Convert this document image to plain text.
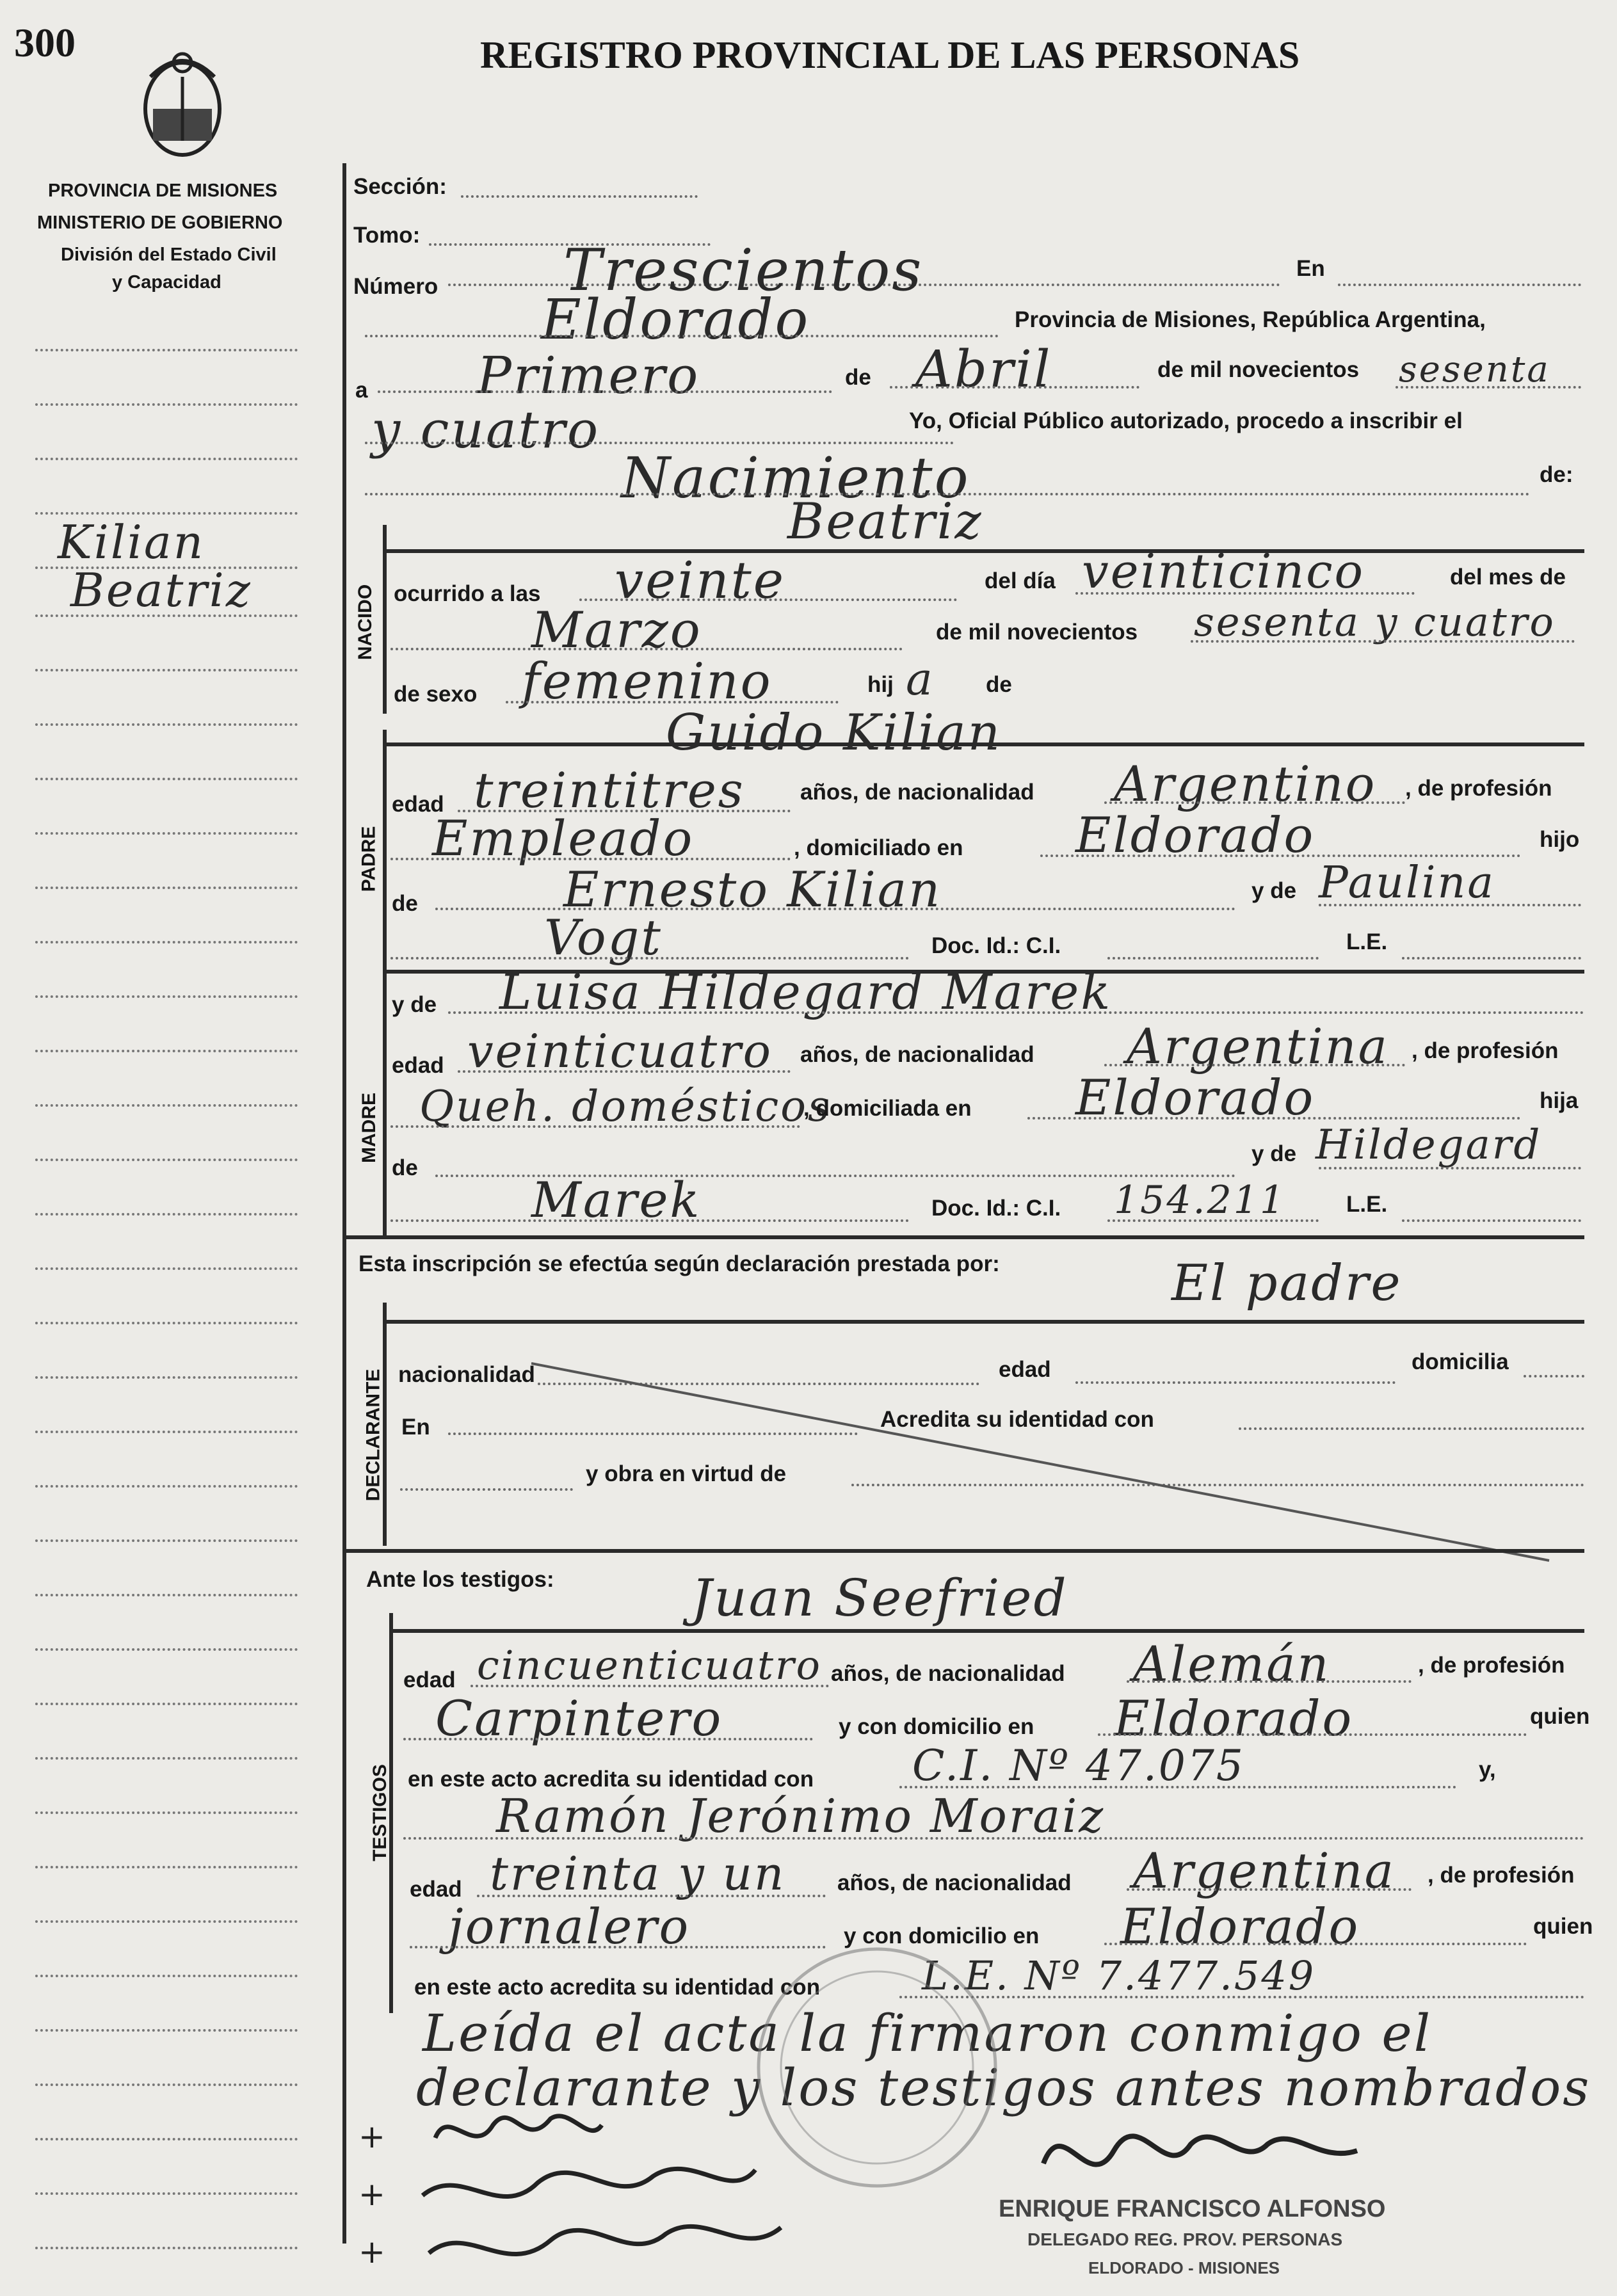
300	REGISTRO PROVINCIAL DE LAS PERSONAS
PROVINCIA DE MISIONES
MINISTERIO DE GOBIERNO
División del Estado Civil
y Capacidad
Kilian
Beatriz
Sección:
Tomo:
Número Trescientos	En
Eldorado	Provincia de Misiones, República Argentina,
a Primero	de Abril	de mil novecientos sesenta
y cuatro	Yo, Oficial Público autorizado, procedo a inscribir el
Nacimiento	de:
Beatriz
NACIDO ocurrido a las veinte	del día veinticinco	del mes de
Marzo	de mil novecientos sesenta y cuatro
de sexo femenino	hij a de
Guido Kilian
PADRE
edad treintitres años, de nacionalidad Argentino , de profesión
Empleado	, domiciliado en Eldorado	hijo
de	Ernesto Kilian	y de Paulina
Vogt	Doc. Id.: C.I.	L.E.
MADRE
y de Luisa Hildegard Marek
edad veinticuatro años, de nacionalidad Argentina , de profesión
Queh. domésticos
, domiciliada en Eldorado	hija
de
y de Hildegard
Marek	Doc. Id.: C.I. 154.211	L.E.
Esta inscripción se efectúa según declaración prestada por:	El padre
DECLARANTE nacionalidad	edad	domicilia
En	Acredita su identidad con
y obra en virtud de
Ante los testigos:	Juan Seefried
TESTIGOS
edad cincuenticuatro años, de nacionalidad Alemán	, de profesión
Carpintero	y con domicilio en Eldorado	quien
en este acto acredita su identidad con C.I. Nº 47.075	y,
Ramón Jerónimo Moraiz
edad treinta y un años, de nacionalidad Argentina , de profesión
jornalero	y con domicilio en Eldorado	quien
en este acto acredita su identidad con	L.E. Nº 7.477.549
Leída el acta la firmaron conmigo el
declarante y los testigos antes nombrados
+
+
+
ENRIQUE FRANCISCO ALFONSO
DELEGADO REG. PROV. PERSONAS
ELDORADO - MISIONES
